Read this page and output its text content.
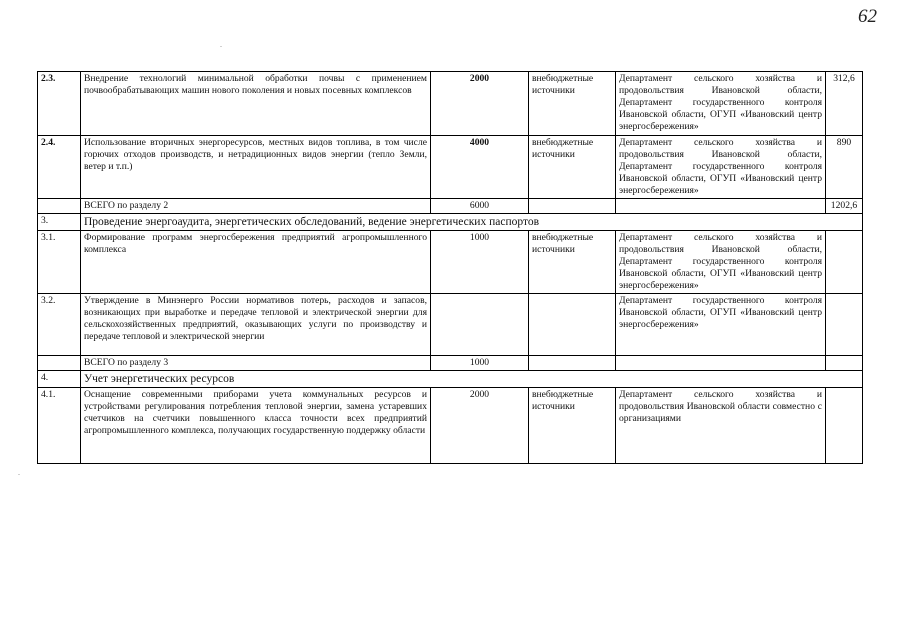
62
.
2.3.	Внедрение технологий минимальной обработки почвы с применением почвообрабатывающих машин нового поколения и новых посевных комплексов	2000	внебюджетные источники	Департамент сельского хозяйства и продовольствия Ивановской области, Департамент государственного контроля Ивановской области, ОГУП «Ивановский центр энергосбережения»	312,6
2.4.	Использование вторичных энергоресурсов, местных видов топлива, в том числе горючих отходов производств, и нетрадиционных видов энергии (тепло Земли, ветер и т.п.)	4000	внебюджетные источники	Департамент сельского хозяйства и продовольствия Ивановской области, Департамент государственного контроля Ивановской области, ОГУП «Ивановский центр энергосбережения»	890
	ВСЕГО по разделу 2	6000			1202,6
3.	Проведение энергоаудита, энергетических обследований, ведение энергетических паспортов				
3.1.	Формирование программ энергосбережения предприятий агропромышленного комплекса	1000	внебюджетные источники	Департамент сельского хозяйства и продовольствия Ивановской области, Департамент государственного контроля Ивановской области, ОГУП «Ивановский центр энергосбережения»	
3.2.	Утверждение в Минэнерго России нормативов потерь, расходов и запасов, возникающих при выработке и передаче тепловой и электрической энергии для сельскохозяйственных предприятий, оказывающих услуги по производству и передаче тепловой и электрической энергии			Департамент государственного контроля Ивановской области, ОГУП «Ивановский центр энергосбережения»	
	ВСЕГО по разделу 3	1000			
4.	Учет энергетических ресурсов				
4.1.	Оснащение современными приборами учета коммунальных ресурсов и устройствами регулирования потребления тепловой энергии, замена устаревших счетчиков на счетчики повышенного класса точности всех предприятий агропромышленного комплекса, получающих государственную поддержку области	2000	внебюджетные источники	Департамент сельского хозяйства и продовольствия Ивановской области совместно с организациями	
.
